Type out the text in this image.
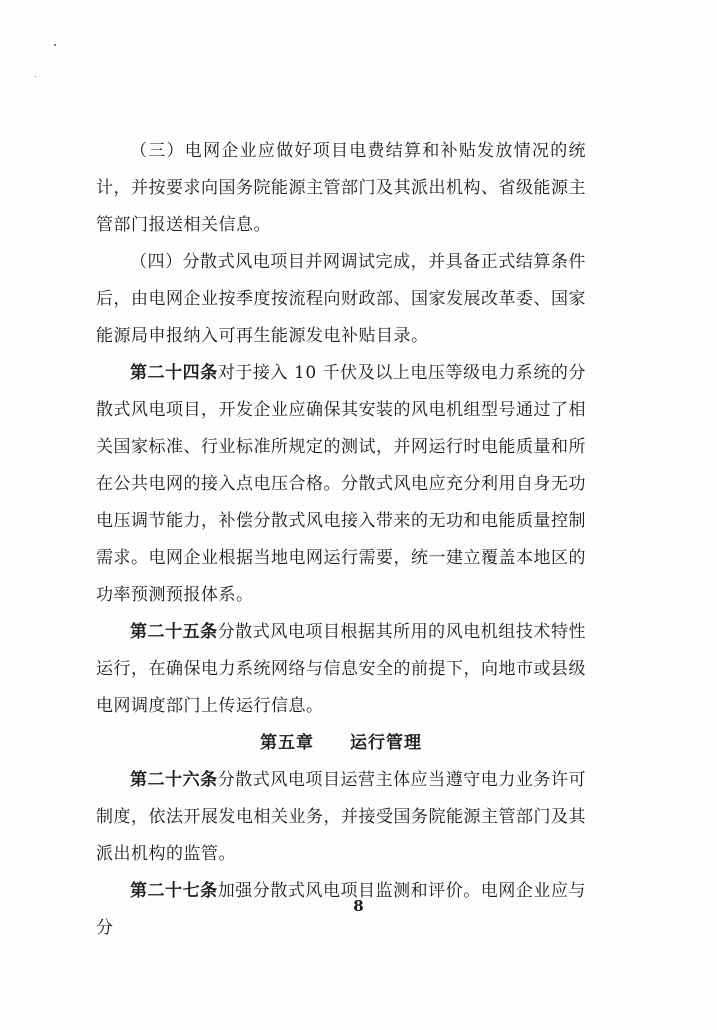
（三）电网企业应做好项目电费结算和补贴发放情况的统计，并按要求向国务院能源主管部门及其派出机构、省级能源主管部门报送相关信息。

（四）分散式风电项目并网调试完成，并具备正式结算条件后，由电网企业按季度按流程向财政部、国家发展改革委、国家能源局申报纳入可再生能源发电补贴目录。

第二十四条对于接入 10 千伏及以上电压等级电力系统的分散式风电项目，开发企业应确保其安装的风电机组型号通过了相关国家标准、行业标准所规定的测试，并网运行时电能质量和所在公共电网的接入点电压合格。分散式风电应充分利用自身无功电压调节能力，补偿分散式风电接入带来的无功和电能质量控制需求。电网企业根据当地电网运行需要，统一建立覆盖本地区的功率预测预报体系。

第二十五条分散式风电项目根据其所用的风电机组技术特性运行，在确保电力系统网络与信息安全的前提下，向地市或县级电网调度部门上传运行信息。

第五章 运行管理

第二十六条分散式风电项目运营主体应当遵守电力业务许可制度，依法开展发电相关业务，并接受国务院能源主管部门及其派出机构的监管。

第二十七条加强分散式风电项目监测和评价。电网企业应与分

8
